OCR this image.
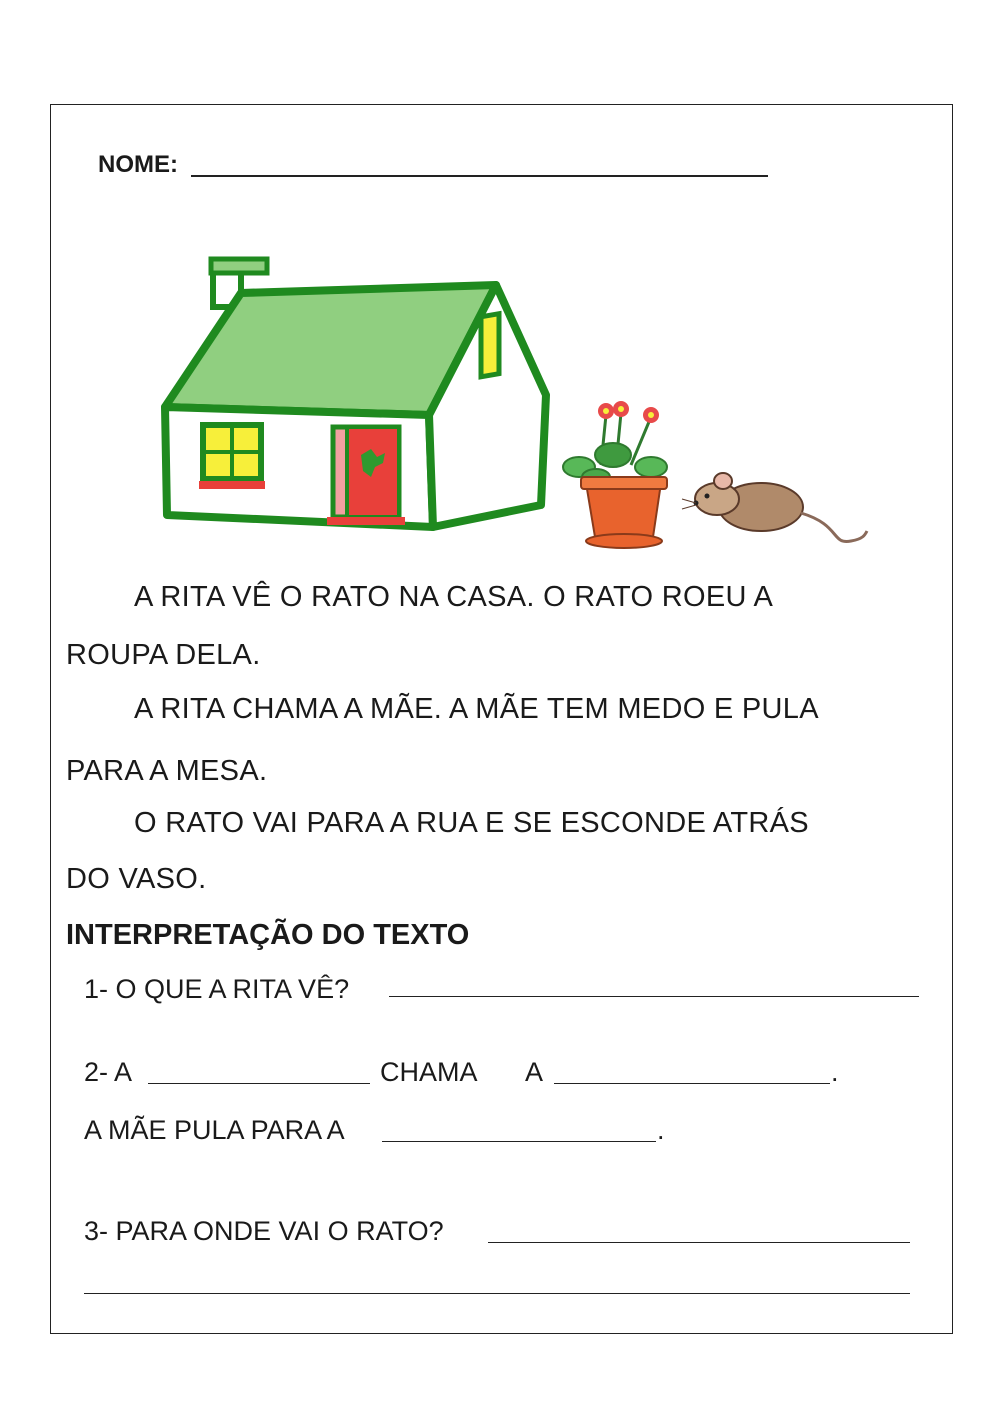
NOME:
A RITA VÊ O RATO NA CASA. O RATO ROEU A
ROUPA DELA.
A RITA CHAMA A MÃE. A MÃE TEM MEDO E PULA
PARA A MESA.
O RATO VAI PARA A RUA E SE ESCONDE ATRÁS
DO VASO.
INTERPRETAÇÃO DO TEXTO
1- O QUE A RITA VÊ?
2- A	CHAMA A	.
A MÃE PULA PARA A	.
3- PARA ONDE VAI O RATO?
